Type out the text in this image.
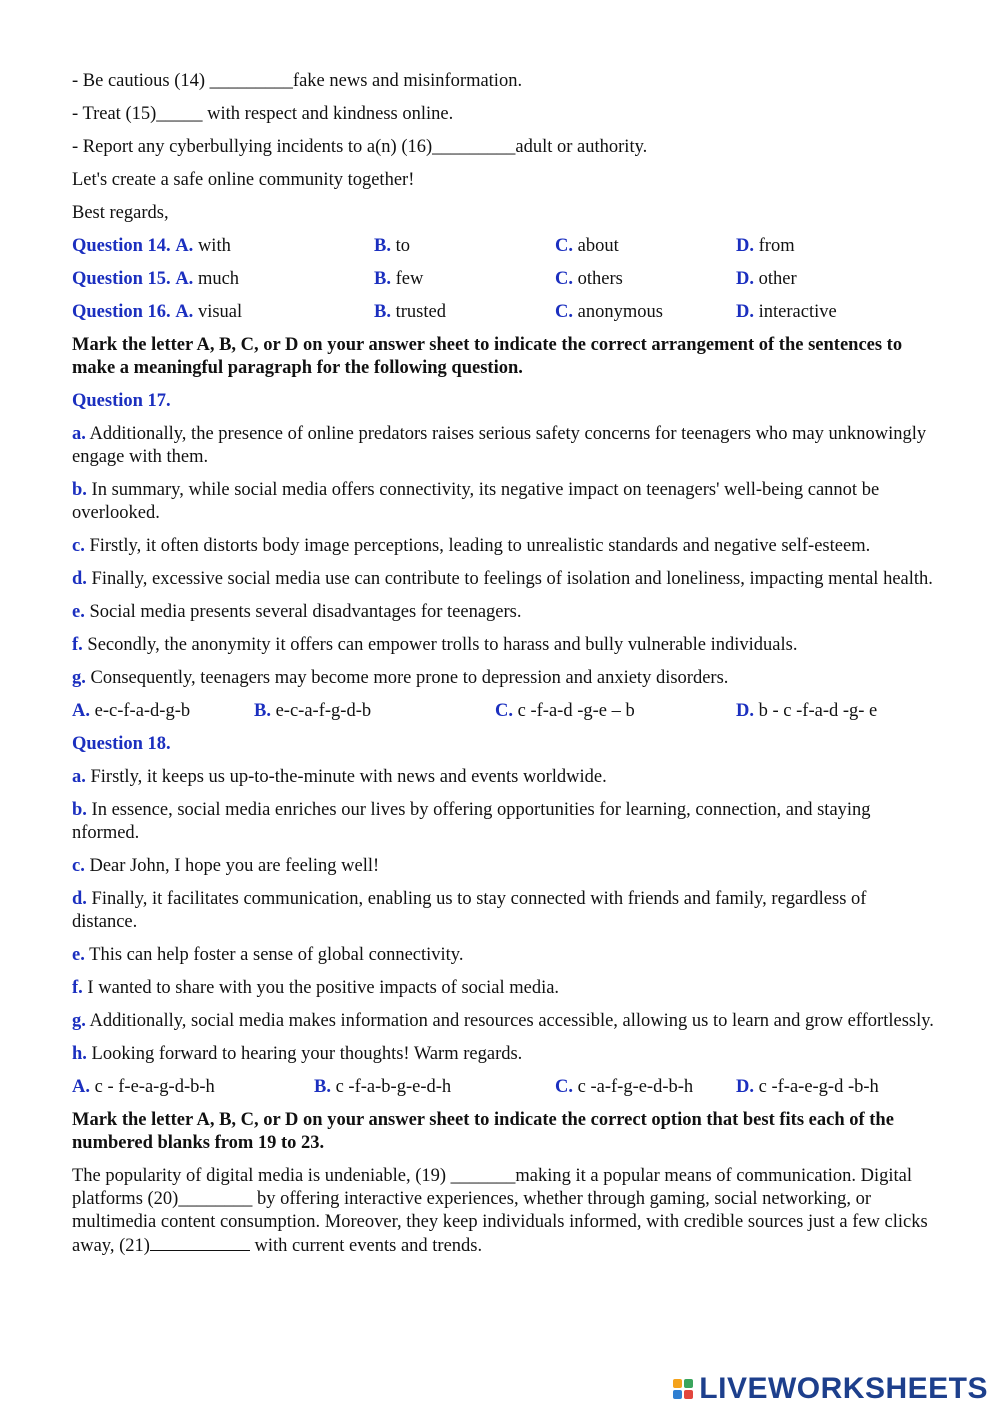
- Be cautious (14) _________fake news and misinformation.
- Treat (15)_____ with respect and kindness online.
- Report any cyberbullying incidents to a(n) (16)_________adult or authority.
Let's create a safe online community together!
Best regards,
Question 14. A. with	B. to	C. about	D. from
Question 15. A. much	B. few	C. others	D. other
Question 16. A. visual	B. trusted	C. anonymous	D. interactive
Mark the letter A, B, C, or D on your answer sheet to indicate the correct arrangement of the sentences to make a meaningful paragraph for the following question.
Question 17.
a. Additionally, the presence of online predators raises serious safety concerns for teenagers who may unknowingly engage with them.
b. In summary, while social media offers connectivity, its negative impact on teenagers' well-being cannot be overlooked.
c. Firstly, it often distorts body image perceptions, leading to unrealistic standards and negative self-esteem.
d. Finally, excessive social media use can contribute to feelings of isolation and loneliness, impacting mental health.
e. Social media presents several disadvantages for teenagers.
f. Secondly, the anonymity it offers can empower trolls to harass and bully vulnerable individuals.
g. Consequently, teenagers may become more prone to depression and anxiety disorders.
A. e-c-f-a-d-g-b	B. e-c-a-f-g-d-b	C. c -f-a-d -g-e – b	D. b - c -f-a-d -g- e
Question 18.
a. Firstly, it keeps us up-to-the-minute with news and events worldwide.
b. In essence, social media enriches our lives by offering opportunities for learning, connection, and staying nformed.
c. Dear John, I hope you are feeling well!
d. Finally, it facilitates communication, enabling us to stay connected with friends and family, regardless of distance.
e. This can help foster a sense of global connectivity.
f. I wanted to share with you the positive impacts of social media.
g. Additionally, social media makes information and resources accessible, allowing us to learn and grow effortlessly.
h. Looking forward to hearing your thoughts! Warm regards.
A. c - f-e-a-g-d-b-h	B. c -f-a-b-g-e-d-h	C. c -a-f-g-e-d-b-h D. c -f-a-e-g-d -b-h
Mark the letter A, B, C, or D on your answer sheet to indicate the correct option that best fits each of the numbered blanks from 19 to 23.
The popularity of digital media is undeniable, (19) _______making it a popular means of communication. Digital platforms (20)________ by offering interactive experiences, whether through gaming, social networking, or multimedia content consumption. Moreover, they keep individuals informed, with credible sources just a few clicks away, (21)	with current events and trends.
LIVEWORKSHEETS
